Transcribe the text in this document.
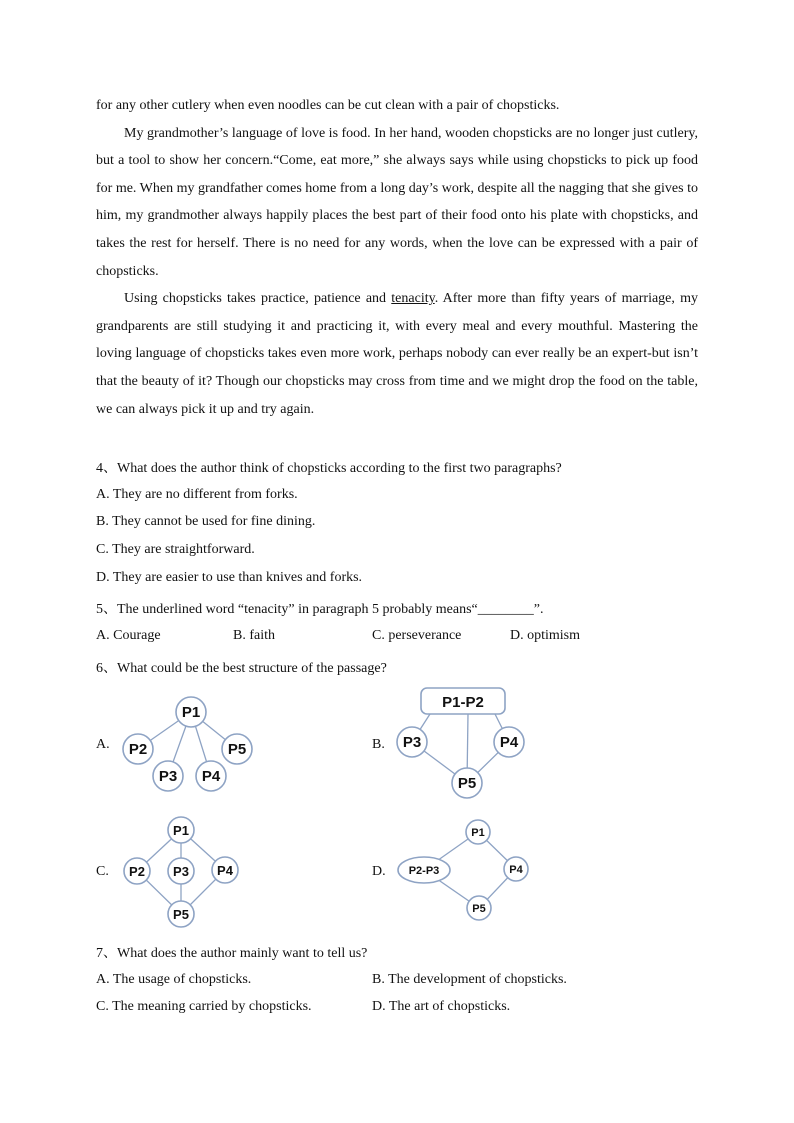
for any other cutlery when even noodles can be cut clean with a pair of chopsticks.

My grandmother’s language of love is food. In her hand, wooden chopsticks are no longer just cutlery, but a tool to show her concern.“Come, eat more,” she always says while using chopsticks to pick up food for me. When my grandfather comes home from a long day’s work, despite all the nagging that she gives to him, my grandmother always happily places the best part of their food onto his plate with chopsticks, and takes the rest for herself. There is no need for any words, when the love can be expressed with a pair of chopsticks.

Using chopsticks takes practice, patience and tenacity. After more than fifty years of marriage, my grandparents are still studying it and practicing it, with every meal and every mouthful. Mastering the loving language of chopsticks takes even more work, perhaps nobody can ever really be an expert-but isn’t that the beauty of it? Though our chopsticks may cross from time and we might drop the food on the table, we can always pick it up and try again.

4、What does the author think of chopsticks according to the first two paragraphs?
A. They are no different from forks.
B. They cannot be used for fine dining.
C. They are straightforward.
D. They are easier to use than knives and forks.
5、The underlined word “tenacity” in paragraph 5 probably means“________”.
A. Courage	B. faith	C. perseverance	D. optimism
6、What could be the best structure of the passage?
A.
P1
P2
P3 P4
P5
P1-P2
P3	P4
P5
P1
P2 P3 P4
P5
P1
P2-P3	P4
P5
B.
C.	D.
7、What does the author mainly want to tell us?
A. The usage of chopsticks.	B. The development of chopsticks.
C. The meaning carried by chopsticks.	D. The art of chopsticks.
